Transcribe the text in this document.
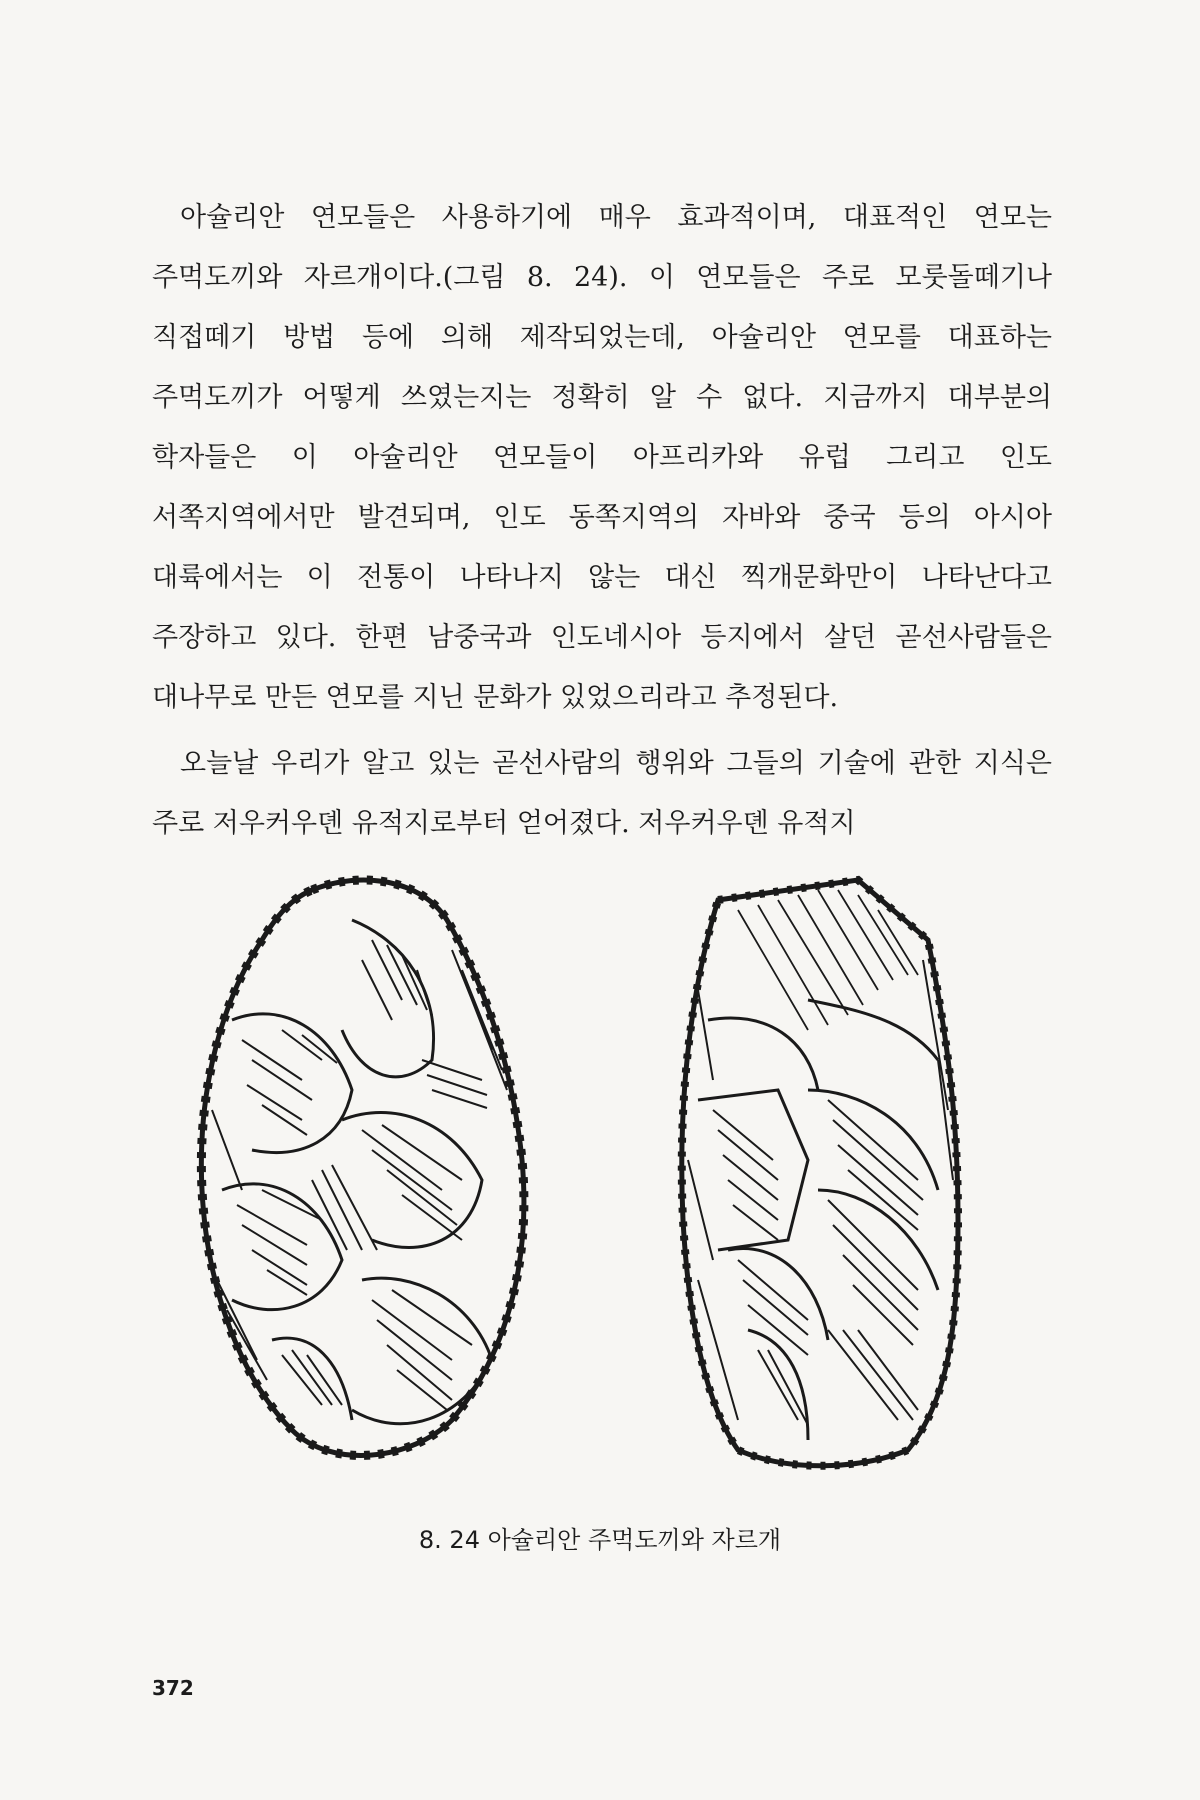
아슐리안 연모들은 사용하기에 매우 효과적이며, 대표적인 연모는 주먹도끼와 자르개이다.(그림 8. 24). 이 연모들은 주로 모룻돌떼기나 직접떼기 방법 등에 의해 제작되었는데, 아슐리안 연모를 대표하는 주먹도끼가 어떻게 쓰였는지는 정확히 알 수 없다. 지금까지 대부분의 학자들은 이 아슐리안 연모들이 아프리카와 유럽 그리고 인도 서쪽지역에서만 발견되며, 인도 동쪽지역의 자바와 중국 등의 아시아 대륙에서는 이 전통이 나타나지 않는 대신 찍개문화만이 나타난다고 주장하고 있다. 한편 남중국과 인도네시아 등지에서 살던 곧선사람들은 대나무로 만든 연모를 지닌 문화가 있었으리라고 추정된다.

오늘날 우리가 알고 있는 곧선사람의 행위와 그들의 기술에 관한 지식은 주로 저우커우뎬 유적지로부터 얻어졌다. 저우커우뎬 유적지

8. 24 아슐리안 주먹도끼와 자르개
372
